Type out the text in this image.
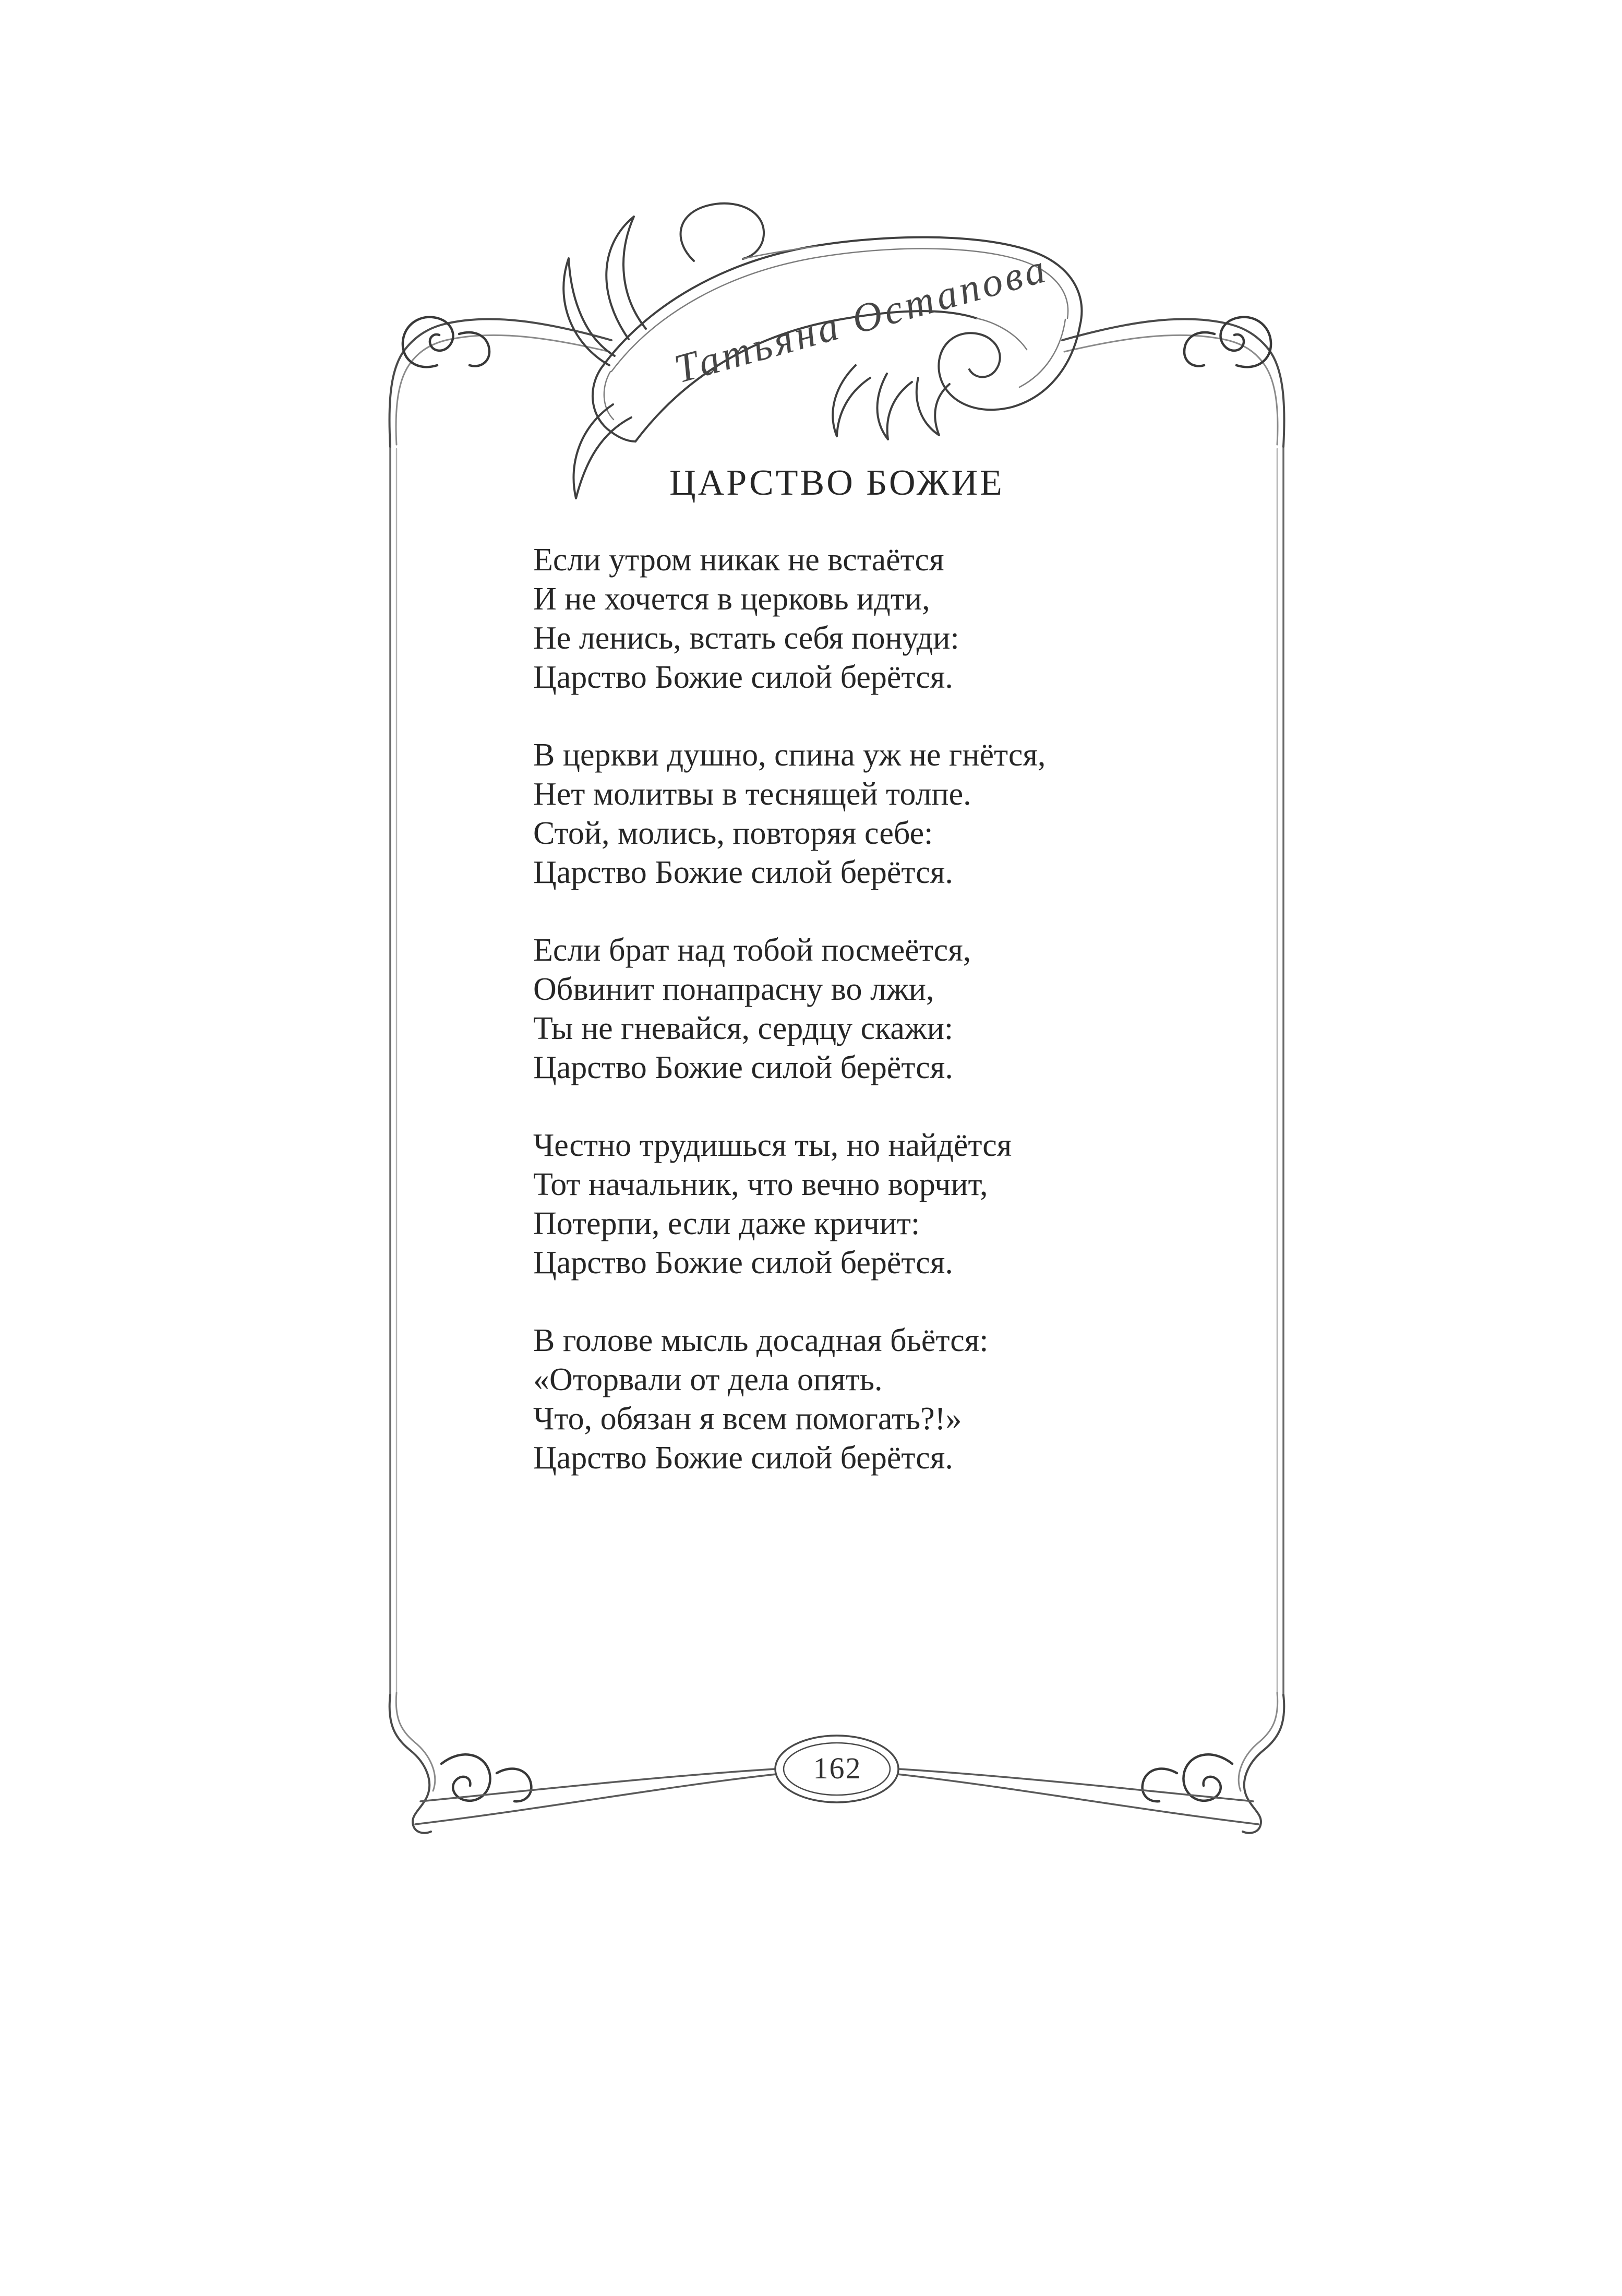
Татьяна Остапова
ЦАРСТВО БОЖИЕ
Если утром никак не встаётся
И не хочется в церковь идти,
Не ленись, встать себя понуди:
Царство Божие силой берётся.
В церкви душно, спина уж не гнётся,
Нет молитвы в теснящей толпе.
Стой, молись, повторяя себе:
Царство Божие силой берётся.
Если брат над тобой посмеётся,
Обвинит понапрасну во лжи,
Ты не гневайся, сердцу скажи:
Царство Божие силой берётся.
Честно трудишься ты, но найдётся
Тот начальник, что вечно ворчит,
Потерпи, если даже кричит:
Царство Божие силой берётся.
В голове мысль досадная бьётся:
«Оторвали от дела опять.
Что, обязан я всем помогать?!»
Царство Божие силой берётся.
162
